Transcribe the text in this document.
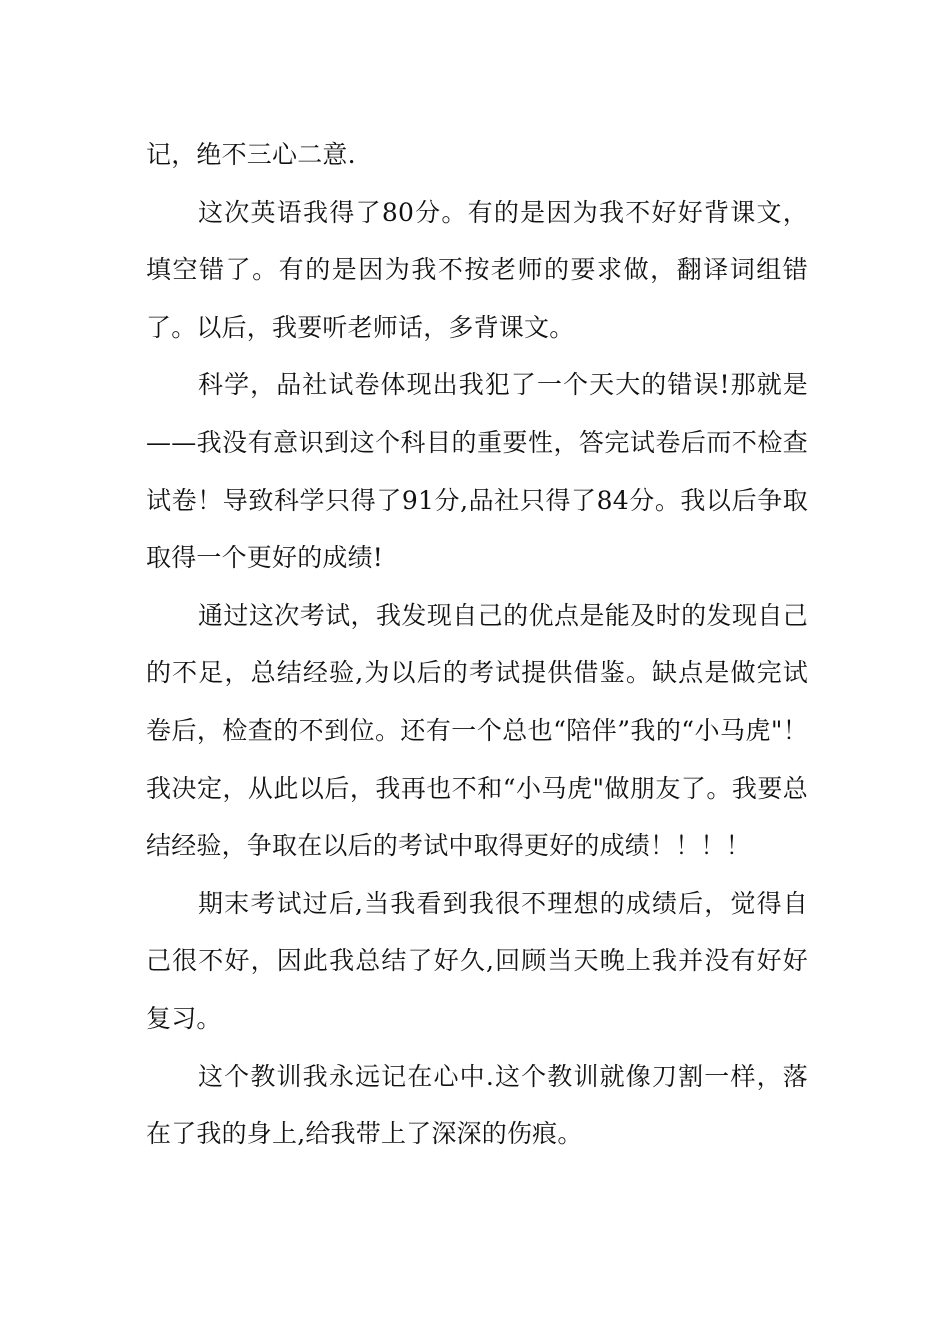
记，绝不三心二意.

这次英语我得了80分。有的是因为我不好好背课文，填空错了。有的是因为我不按老师的要求做，翻译词组错了。以后，我要听老师话，多背课文。

科学，品社试卷体现出我犯了一个天大的错误!那就是——我没有意识到这个科目的重要性，答完试卷后而不检查试卷！导致科学只得了91分,品社只得了84分。我以后争取取得一个更好的成绩!

通过这次考试，我发现自己的优点是能及时的发现自己的不足，总结经验,为以后的考试提供借鉴。缺点是做完试卷后，检查的不到位。还有一个总也“陪伴”我的“小马虎"！我决定，从此以后，我再也不和“小马虎"做朋友了。我要总结经验，争取在以后的考试中取得更好的成绩！！！！

期末考试过后,当我看到我很不理想的成绩后，觉得自己很不好，因此我总结了好久,回顾当天晚上我并没有好好复习。

这个教训我永远记在心中.这个教训就像刀割一样，落在了我的身上,给我带上了深深的伤痕。
